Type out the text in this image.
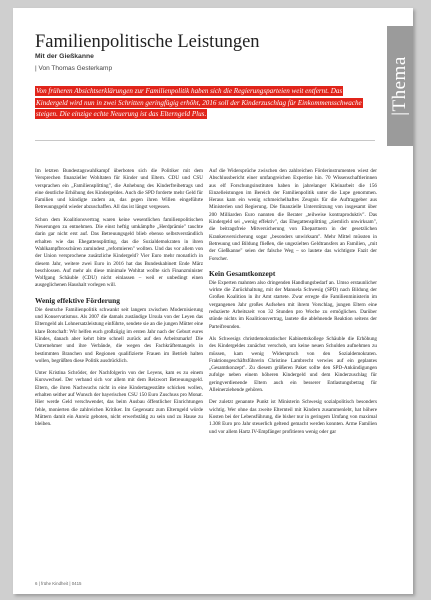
Familienpolitische Leistungen
Mit der Gießkanne
| Von Thomas Gesterkamp	|Thema
Von früheren Absichtserklärungen zur Familienpolitik haben sich die Regierungsparteien weit entfernt. Das Kindergeld wird nun in zwei Schritten geringfügig erhöht, 2016 soll der Kinderzuschlag für Einkommensschwache steigen. Die einzige echte Neuerung ist das Elterngeld Plus.

Im letzten Bundestagswahlkampf überboten sich die Politiker mit dem Versprechen finanzieller Wohltaten für Kinder und Eltern. CDU und CSU versprachen ein „Familiensplitting", die Anhebung des Kinderfreibetrags und eine deutliche Erhöhung des Kindergeldes. Auch die SPD forderte mehr Geld für Familien und kündigte zudem an, das gegen ihren Willen eingeführte Betreuungsgeld wieder abzuschaffen. All das ist längst vergessen.

Schon dem Koalitionsvertrag waren keine wesentlichen familienpolitischen Neuerungen zu entnehmen. Die einst heftig umkämpfte „Herdprämie" tauchte darin gar nicht erst auf. Das Betreuungsgeld blieb ebenso selbstverständlich erhalten wie das Ehegattensplitting, das die Sozialdemokraten in ihren Wahlkampfbroschüren zumindest „reformieren" wollten. Und das vor allem von der Union versprochene zusätzliche Kindergeld? Vier Euro mehr monatlich in diesem Jahr, weitere zwei Euro in 2016 hat das Bundeskabinett Ende März beschlossen. Auf mehr als diese minimale Wohltat wollte sich Finanzminister Wolfgang Schäuble (CDU) nicht einlassen – weil er unbedingt einen ausgeglichenen Haushalt vorlegen will.

Wenig effektive Förderung

Die deutsche Familienpolitik schwankt seit langem zwischen Modernisierung und Konservatismus. Als 2007 die damals zuständige Ursula von der Leyen das Elterngeld als Lohnersatzleistung einführte, sendete sie an die jungen Mütter eine klare Botschaft: Wir helfen euch großzügig im ersten Jahr nach der Geburt eures Kindes, danach aber kehrt bitte schnell zurück auf den Arbeitsmarkt! Die Unternehmer und ihre Verbände, die wegen des Fachkräftemangels in bestimmten Branchen und Regionen qualifizierte Frauen im Betrieb halten wollen, begrüßten diese Politik ausdrücklich.

Unter Kristina Schröder, der Nachfolgerin von der Leyens, kam es zu einem Kurswechsel. Der verband sich vor allem mit dem Reizwort Betreuungsgeld. Eltern, die ihren Nachwuchs nicht in eine Kindertagesstätte schicken wollen, erhalten seither auf Wunsch der bayerischen CSU 150 Euro Zuschuss pro Monat. Hier werde Geld verschwendet, das beim Ausbau öffentlicher Einrichtungen fehle, monierten die zahlreichen Kritiker. Im Gegensatz zum Elterngeld würde Müttern damit ein Anreiz geboten, nicht erwerbstätig zu sein und zu Hause zu bleiben.

Auf die Widersprüche zwischen den zahlreichen Förderinstrumenten wiest der Abschlussbericht einer umfangreichen Expertise hin. 70 Wissenschaftlerinnen aus elf Forschungsinstituten haben in jahrelanger Kleinarbeit die 156 Einzelleistungen im Bereich der Familienpolitik unter die Lupe genommen. Heraus kam ein wenig schmeichelhaftes Zeugnis für die Auftraggeber aus Ministerien und Regierung. Die finanzielle Unterstützung von insgesamt über 200 Milliarden Euro nannten die Berater „teilweise kontraproduktiv". Das Kindergeld sei „wenig effektiv", das Ehegattensplitting „ziemlich unwirksam", die beitragsfreie Mitversicherung von Ehepartnern in der gesetzlichen Krankenversicherung sogar „besonders unwirksam". Mehr Mittel müssten in Betreuung und Bildung fließen, die ungezielten Geldtransfers an Familien, „mit der Gießkanne" seien der falsche Weg – so lautete das wichtigste Fazit der Forscher.

Kein Gesamtkonzept

Die Experten mahnten also dringenden Handlungsbedarf an. Umso erstaunlicher wirkte die Zurückhaltung, mit der Manuela Schwesig (SPD) nach Bildung der Großen Koalition in ihr Amt startete. Zwar erregte die Familienministerin im vergangenen Jahr großes Aufsehen mit ihrem Vorschlag, jungen Eltern eine reduzierte Arbeitszeit von 32 Stunden pro Woche zu ermöglichen. Darüber stünde nichts im Koalitionsvertrag, lautete die ablehnende Reaktion seitens der Parteifreunden.

Als Schwesigs christdemokratischer Kabinettskollege Schäuble die Erhöhung des Kindergeldes zunächst verschob, um keine neuen Schulden aufnehmen zu müssen, kam wenig Widerspruch von den Sozialdemokraten. Fraktionsgeschäftsführerin Christine Lambrecht verwies auf ein geplantes „Gesamtkonzept". Zu diesem größeren Paket sollte den SPD-Ankündigungen zufolge neben einem höheren Kindergeld und dem Kinderzuschlag für geringverdienende Eltern auch ein besserer Entlastungsbetrag für Alleinerziehende gehören.

Der zuletzt genannte Punkt ist Ministerin Schwesig sozialpolitisch besonders wichtig. Wer ohne das zweite Elternteil mit Kindern zusammenlebt, hat höhere Kosten bei der Lebensführung, die bisher nur in geringem Umfang von maximal 1.308 Euro pro Jahr steuerlich geltend gemacht werden konnten. Arme Familien und vor allem Hartz IV-Empfänger profitieren wenig oder gar

6 | frühe Kindheit | 0415
